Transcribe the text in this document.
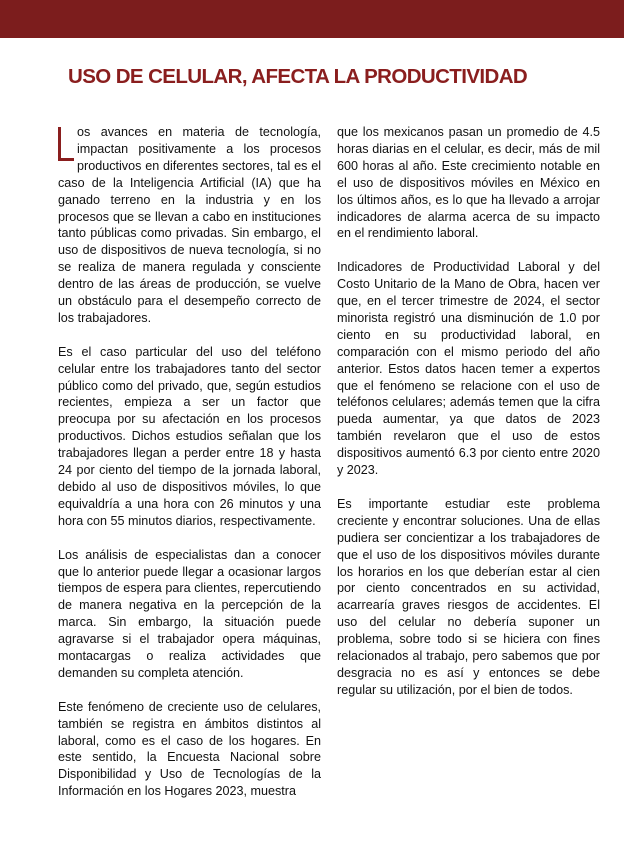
USO DE CELULAR, AFECTA LA PRODUCTIVIDAD

os avances en materia de tecnología, impactan positivamente a los procesos productivos en diferentes sectores, tal es el caso de la Inteligencia Artificial (IA) que ha ganado terreno en la industria y en los procesos que se llevan a cabo en instituciones tanto públicas como privadas. Sin embargo, el uso de dispositivos de nueva tecnología, si no se realiza de manera regulada y consciente dentro de las áreas de producción, se vuelve un obstáculo para el desempeño correcto de los trabajadores.

Es el caso particular del uso del teléfono celular entre los trabajadores tanto del sector público como del privado, que, según estudios recientes, empieza a ser un factor que preocupa por su afectación en los procesos productivos. Dichos estudios señalan que los trabajadores llegan a perder entre 18 y hasta 24 por ciento del tiempo de la jornada laboral, debido al uso de dispositivos móviles, lo que equivaldría a una hora con 26 minutos y una hora con 55 minutos diarios, respectivamente.

Los análisis de especialistas dan a conocer que lo anterior puede llegar a ocasionar largos tiempos de espera para clientes, repercutiendo de manera negativa en la percepción de la marca. Sin embargo, la situación puede agravarse si el trabajador opera máquinas, montacargas o realiza actividades que demanden su completa atención.

Este fenómeno de creciente uso de celulares, también se registra en ámbitos distintos al laboral, como es el caso de los hogares. En este sentido, la Encuesta Nacional sobre Disponibilidad y Uso de Tecnologías de la Información en los Hogares 2023, muestra

que los mexicanos pasan un promedio de 4.5 horas diarias en el celular, es decir, más de mil 600 horas al año. Este crecimiento notable en el uso de dispositivos móviles en México en los últimos años, es lo que ha llevado a arrojar indicadores de alarma acerca de su impacto en el rendimiento laboral.

Indicadores de Productividad Laboral y del Costo Unitario de la Mano de Obra, hacen ver que, en el tercer trimestre de 2024, el sector minorista registró una disminución de 1.0 por ciento en su productividad laboral, en comparación con el mismo periodo del año anterior. Estos datos hacen temer a expertos que el fenómeno se relacione con el uso de teléfonos celulares; además temen que la cifra pueda aumentar, ya que datos de 2023 también revelaron que el uso de estos dispositivos aumentó 6.3 por ciento entre 2020 y 2023.

Es importante estudiar este problema creciente y encontrar soluciones. Una de ellas pudiera ser concientizar a los trabajadores de que el uso de los dispositivos móviles durante los horarios en los que deberían estar al cien por ciento concentrados en su actividad, acarrearía graves riesgos de accidentes. El uso del celular no debería suponer un problema, sobre todo si se hiciera con fines relacionados al trabajo, pero sabemos que por desgracia no es así y entonces se debe regular su utilización, por el bien de todos.
